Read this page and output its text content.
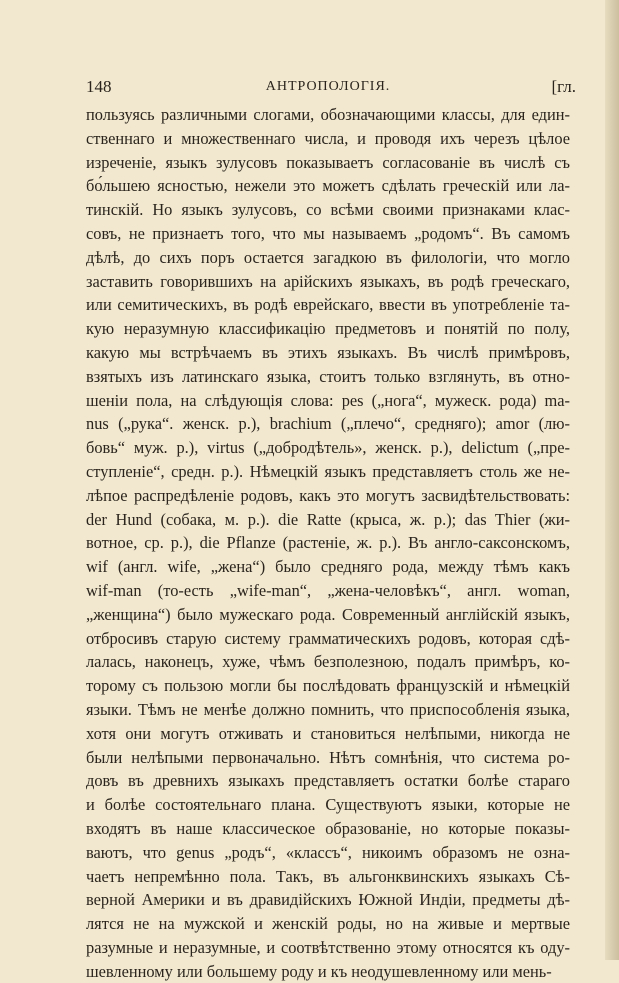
148	АНТРОПОЛОГІЯ.	[гл.
пользуясь различными слогами, обозначающими классы, для един-
ственнаго и множественнаго числа, и проводя ихъ черезъ цѣлое
изреченіе, языкъ зулусовъ показываетъ согласованіе въ числѣ съ
бо́льшею ясностью, нежели это можетъ сдѣлать греческій или ла-
тинскій. Но языкъ зулусовъ, со всѣми своими признаками клас-
совъ, не признаетъ того, что мы называемъ „родомъ“. Въ самомъ
дѣлѣ, до сихъ поръ остается загадкою въ филологіи, что могло
заставить говорившихъ на арійскихъ языкахъ, въ родѣ греческаго,
или семитическихъ, въ родѣ еврейскаго, ввести въ употребленіе та-
кую неразумную классификацію предметовъ и понятій по полу,
какую мы встрѣчаемъ въ этихъ языкахъ. Въ числѣ примѣровъ,
взятыхъ изъ латинскаго языка, стоитъ только взглянуть, въ отно-
шеніи пола, на слѣдующія слова: pes („нога“, мужеск. рода) ma-
nus („рука“. женск. р.), brachium („плечо“, средняго); amor (лю-
бовь“ муж. р.), virtus („добродѣтель», женск. р.), delictum („пре-
ступленіе“, средн. р.). Нѣмецкій языкъ представляетъ столь же не-
лѣпое распредѣленіе родовъ, какъ это могутъ засвидѣтельствовать:
der Hund (собака, м. р.). die Ratte (крыса, ж. р.); das Thier (жи-
вотное, ср. р.), die Pflanze (растеніе, ж. р.). Въ англо-саксонскомъ,
wif (англ. wife, „жена“) было средняго рода, между тѣмъ какъ
wif-man (то-есть „wife-man“, „жена-человѣкъ“, англ. woman,
„женщина“) было мужескаго рода. Современный англійскій языкъ,
отбросивъ старую систему грамматическихъ родовъ, которая сдѣ-
лалась, наконецъ, хуже, чѣмъ безполезною, подалъ примѣръ, ко-
торому съ пользою могли бы послѣдовать французскій и нѣмецкій
языки. Тѣмъ не менѣе должно помнить, что приспособленія языка,
хотя они могутъ отживать и становиться нелѣпыми, никогда не
были нелѣпыми первоначально. Нѣтъ сомнѣнія, что система ро-
довъ въ древнихъ языкахъ представляетъ остатки болѣе стараго
и болѣе состоятельнаго плана. Существуютъ языки, которые не
входятъ въ наше классическое образованіе, но которые показы-
ваютъ, что genus „родъ“, «классъ“, никоимъ образомъ не озна-
чаетъ непремѣнно пола. Такъ, въ альгонквинскихъ языкахъ Сѣ-
верной Америки и въ дравидійскихъ Южной Индіи, предметы дѣ-
лятся не на мужской и женскій роды, но на живые и мертвые
разумные и неразумные, и соотвѣтственно этому относятся къ оду-
шевленному или большему роду и къ неодушевленному или мень-
